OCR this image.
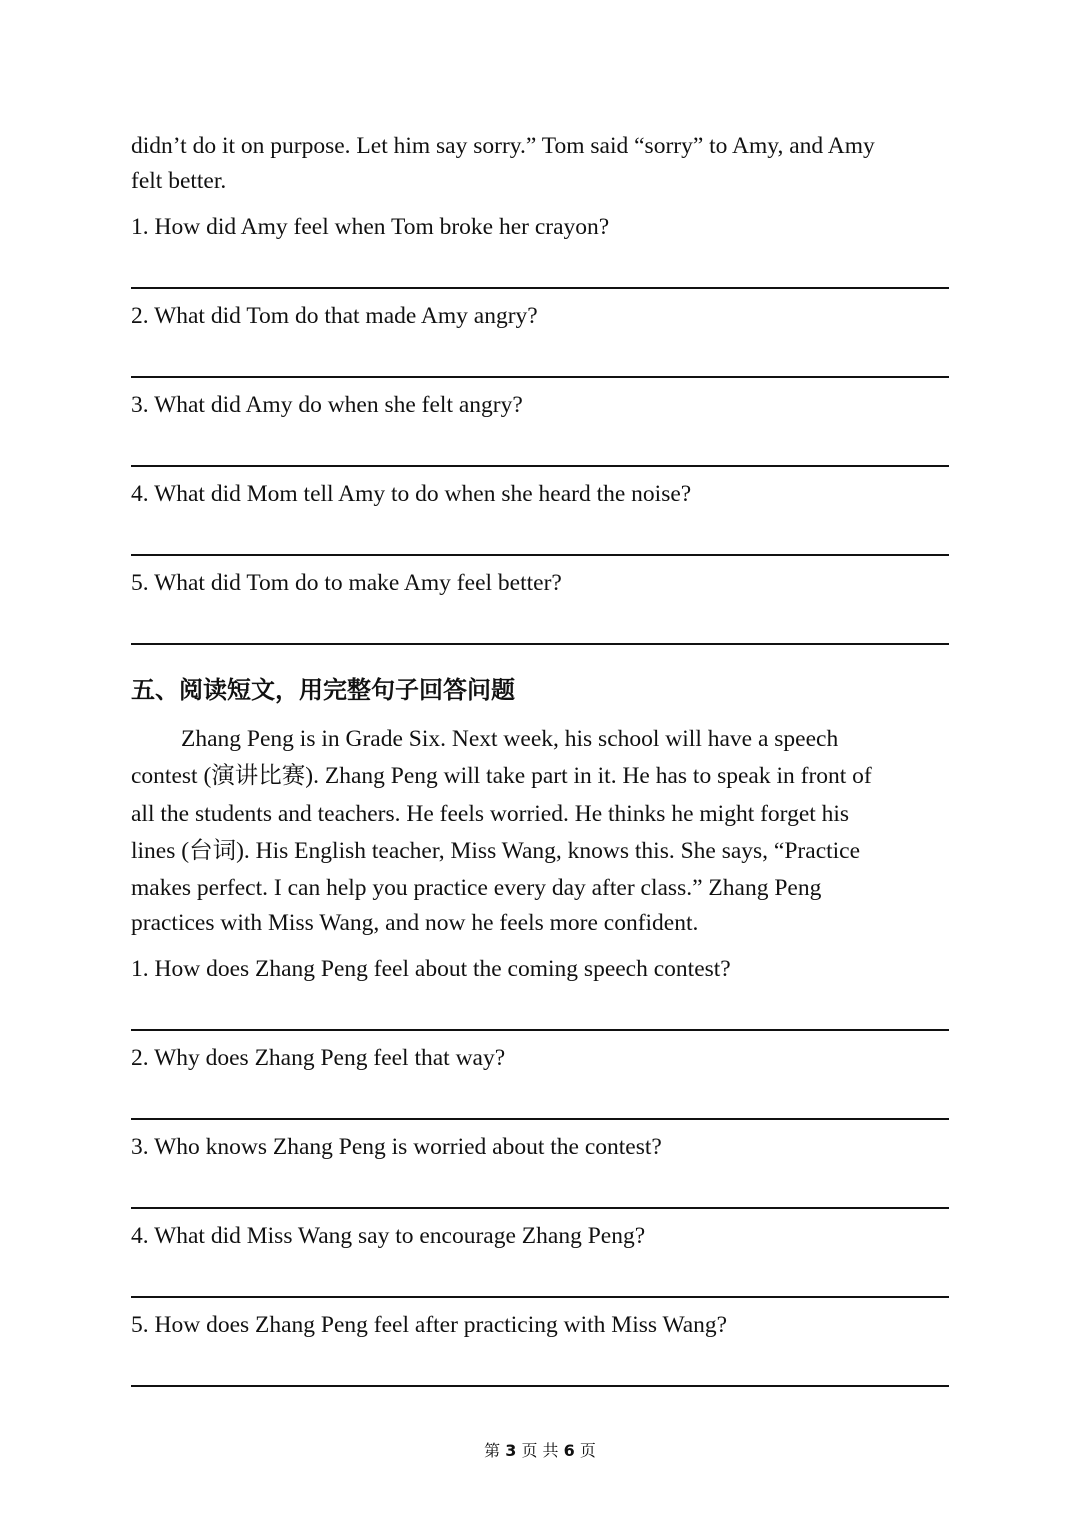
didn’t do it on purpose. Let him say sorry.” Tom said “sorry” to Amy, and Amy
felt better.
1. How did Amy feel when Tom broke her crayon?
2. What did Tom do that made Amy angry?
3. What did Amy do when she felt angry?
4. What did Mom tell Amy to do when she heard the noise?
5. What did Tom do to make Amy feel better?
五、阅读短文，用完整句子回答问题
Zhang Peng is in Grade Six. Next week, his school will have a speech
contest (演讲比赛). Zhang Peng will take part in it. He has to speak in front of
all the students and teachers. He feels worried. He thinks he might forget his
lines (台词). His English teacher, Miss Wang, knows this. She says, “Practice
makes perfect. I can help you practice every day after class.” Zhang Peng
practices with Miss Wang, and now he feels more confident.
1. How does Zhang Peng feel about the coming speech contest?
2. Why does Zhang Peng feel that way?
3. Who knows Zhang Peng is worried about the contest?
4. What did Miss Wang say to encourage Zhang Peng?
5. How does Zhang Peng feel after practicing with Miss Wang?
第 3 页 共 6 页
